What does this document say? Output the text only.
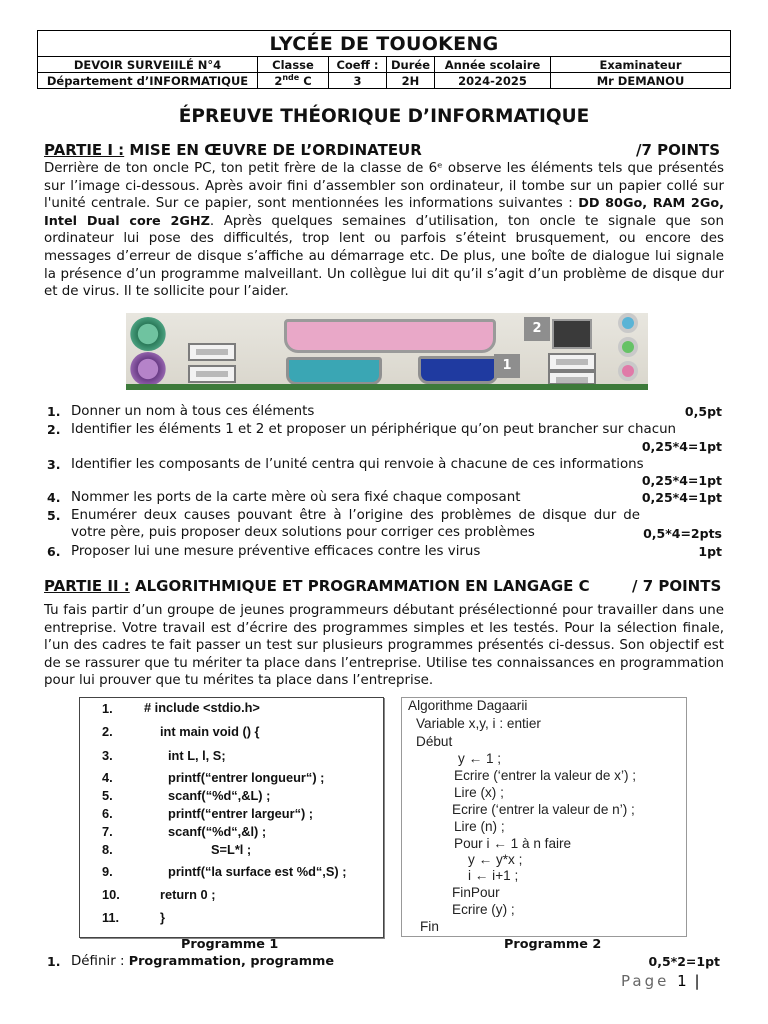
LYCÉE DE TOUOKENG					
DEVOIR SURVEIILÉ N°4	Classe	Coeff :	Durée	Année scolaire	Examinateur
Département d’INFORMATIQUE	2nde C	3	2H	2024-2025	Mr DEMANOU
ÉPREUVE THÉORIQUE D’INFORMATIQUE
PARTIE I : MISE EN ŒUVRE DE L’ORDINATEUR	/7 POINTS
Derrière de ton oncle PC, ton petit frère de la classe de 6ᵉ observe les éléments tels que présentés sur l’image ci-dessous. Après avoir fini d’assembler son ordinateur, il tombe sur un papier collé sur l'unité centrale. Sur ce papier, sont mentionnées les informations suivantes : DD 80Go, RAM 2Go, Intel Dual core 2GHZ. Après quelques semaines d’utilisation, ton oncle te signale que son ordinateur lui pose des difficultés, trop lent ou parfois s’éteint brusquement, ou encore des messages d’erreur de disque s’affiche au démarrage etc. De plus, une boîte de dialogue lui signale la présence d’un programme malveillant. Un collègue lui dit qu’il s’agit d’un problème de disque dur et de virus. Il te sollicite pour l’aider.
2
1
1. Donner un nom à tous ces éléments	0,5pt
2. Identifier les éléments 1 et 2 et proposer un périphérique qu’on peut brancher sur chacun
0,25*4=1pt
3. Identifier les composants de l’unité centra qui renvoie à chacune de ces informations
0,25*4=1pt
4. Nommer les ports de la carte mère où sera fixé chaque composant	0,25*4=1pt
5. Enumérer deux causes pouvant être à l’origine des problèmes de disque dur de votre père, puis proposer deux solutions pour corriger ces problèmes	0,5*4=2pts
6. Proposer lui une mesure préventive efficaces contre les virus	1pt
PARTIE II : ALGORITHMIQUE ET PROGRAMMATION EN LANGAGE C	/ 7 POINTS
Tu fais partir d’un groupe de jeunes programmeurs débutant présélectionné pour travailler dans une entreprise. Votre travail est d’écrire des programmes simples et les testés. Pour la sélection finale, l’un des cadres te fait passer un test sur plusieurs programmes présentés ci-dessus. Son objectif est de se rassurer que tu mériter ta place dans l’entreprise. Utilise tes connaissances en programmation pour lui prouver que tu mérites ta place dans l’entreprise.
1. # include <stdio.h>
2.	int main void () {
3.	int L, l, S;
4.	printf(“entrer longueur“) ;
5.	scanf(“%d“,&L) ;
6.	printf(“entrer largeur“) ;
7.	scanf(“%d“,&l) ;
8.	S=L*l ;
9.	printf(“la surface est %d“,S) ;
10.	return 0 ;
11.	}
Algorithme Dagaarii
Variable x,y, i : entier
Début
y ← 1 ;
Ecrire (‘entrer la valeur de x’) ;
Lire (x) ;
Ecrire (‘entrer la valeur de n’) ;
Lire (n) ;
Pour i ← 1 à n faire
y ← y*x ;
i ← i+1 ;
FinPour
Ecrire (y) ;
Fin
Programme 1	Programme 2
1. Définir : Programmation, programme	0,5*2=1pt
Page 1 |
